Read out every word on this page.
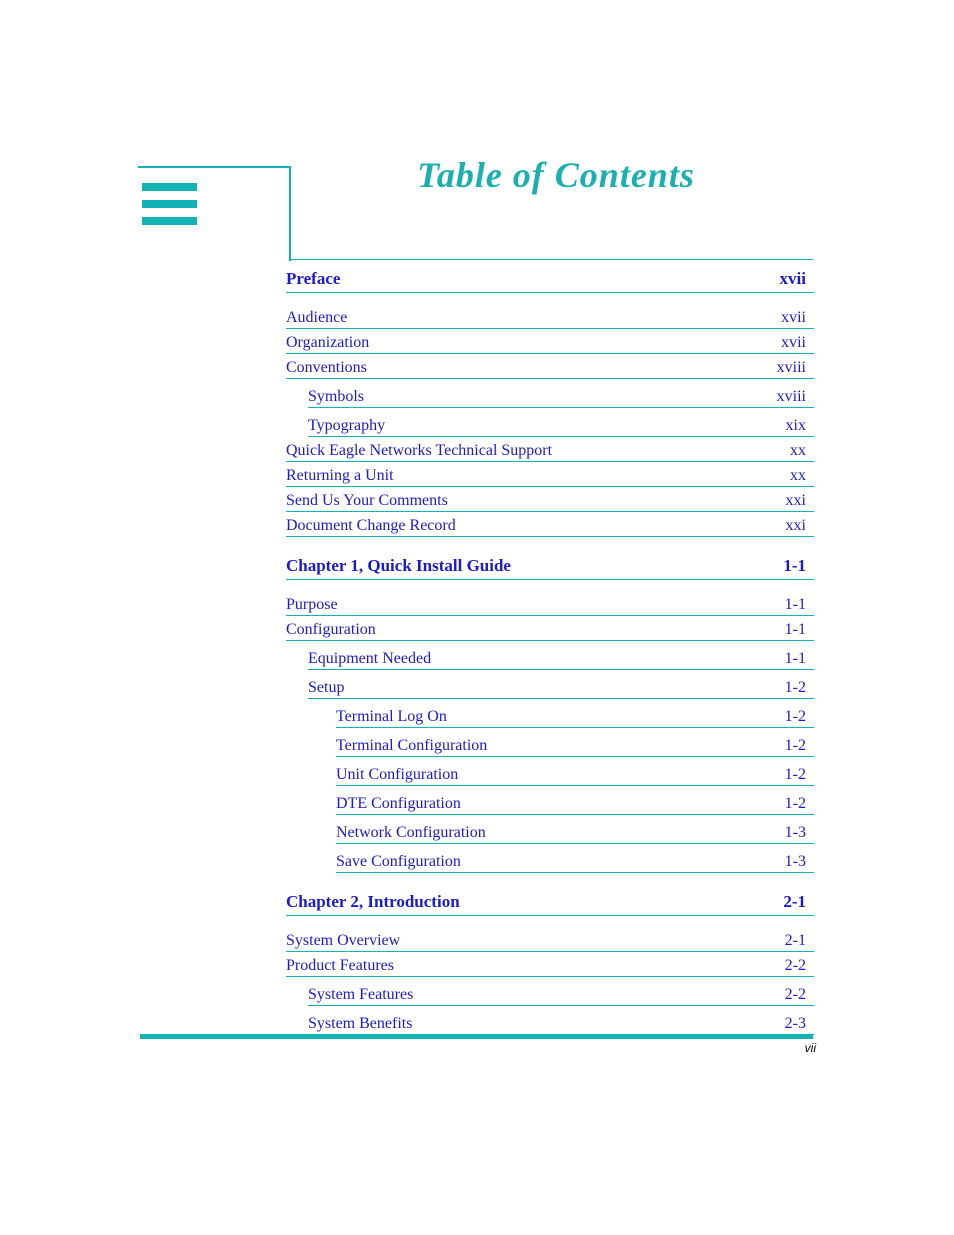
Table of Contents
Preface	xvii
Audience	xvii
Organization	xvii
Conventions	xviii
Symbols	xviii
Typography	xix
Quick Eagle Networks Technical Support	xx
Returning a Unit	xx
Send Us Your Comments	xxi
Document Change Record	xxi
Chapter 1, Quick Install Guide	1-1
Purpose	1-1
Configuration	1-1
Equipment Needed	1-1
Setup	1-2
Terminal Log On	1-2
Terminal Configuration	1-2
Unit Configuration	1-2
DTE Configuration	1-2
Network Configuration	1-3
Save Configuration	1-3
Chapter 2, Introduction	2-1
System Overview	2-1
Product Features	2-2
System Features	2-2
System Benefits	2-3
vii
